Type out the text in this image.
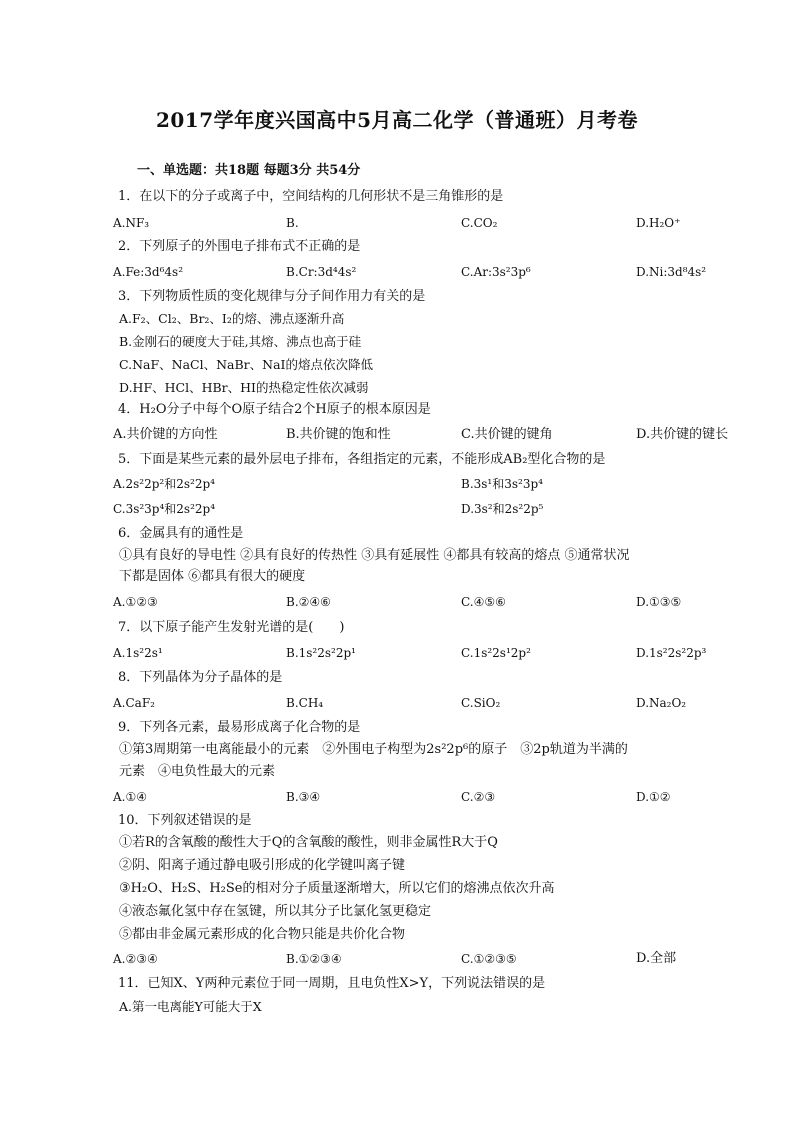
2017学年度兴国高中5月高二化学（普通班）月考卷
一、单选题：共18题 每题3分 共54分
1．在以下的分子或离子中，空间结构的几何形状不是三角锥形的是
A.NF₃	B.	C.CO₂	D.H₂O⁺
2．下列原子的外围电子排布式不正确的是
A.Fe:3d⁶4s²	B.Cr:3d⁴4s²	C.Ar:3s²3p⁶	D.Ni:3d⁸4s²
3．下列物质性质的变化规律与分子间作用力有关的是
A.F₂、Cl₂、Br₂、I₂的熔、沸点逐渐升高
B.金刚石的硬度大于硅,其熔、沸点也高于硅
C.NaF、NaCl、NaBr、NaI的熔点依次降低
D.HF、HCl、HBr、HI的热稳定性依次减弱
4．H₂O分子中每个O原子结合2个H原子的根本原因是
A.共价键的方向性	B.共价键的饱和性	C.共价键的键角	D.共价键的键长
5．下面是某些元素的最外层电子排布，各组指定的元素，不能形成AB₂型化合物的是
A.2s²2p²和2s²2p⁴	B.3s¹和3s²3p⁴
C.3s²3p⁴和2s²2p⁴	D.3s²和2s²2p⁵
6．金属具有的通性是
①具有良好的导电性 ②具有良好的传热性 ③具有延展性 ④都具有较高的熔点 ⑤通常状况
下都是固体 ⑥都具有很大的硬度
A.①②③	B.②④⑥	C.④⑤⑥	D.①③⑤
7．以下原子能产生发射光谱的是(　　)
A.1s²2s¹	B.1s²2s²2p¹	C.1s²2s¹2p²	D.1s²2s²2p³
8．下列晶体为分子晶体的是
A.CaF₂	B.CH₄	C.SiO₂	D.Na₂O₂
9．下列各元素，最易形成离子化合物的是
①第3周期第一电离能最小的元素　②外围电子构型为2s²2p⁶的原子　③2p轨道为半满的
元素　④电负性最大的元素
A.①④	B.③④	C.②③	D.①②
10．下列叙述错误的是
①若R的含氧酸的酸性大于Q的含氧酸的酸性，则非金属性R大于Q
②阴、阳离子通过静电吸引形成的化学键叫离子键
③H₂O、H₂S、H₂Se的相对分子质量逐渐增大，所以它们的熔沸点依次升高
④液态氟化氢中存在氢键，所以其分子比氯化氢更稳定
⑤都由非金属元素形成的化合物只能是共价化合物
A.②③④	B.①②③④	C.①②③⑤	D.全部
11．已知X、Y两种元素位于同一周期，且电负性X>Y，下列说法错误的是
A.第一电离能Y可能大于X
